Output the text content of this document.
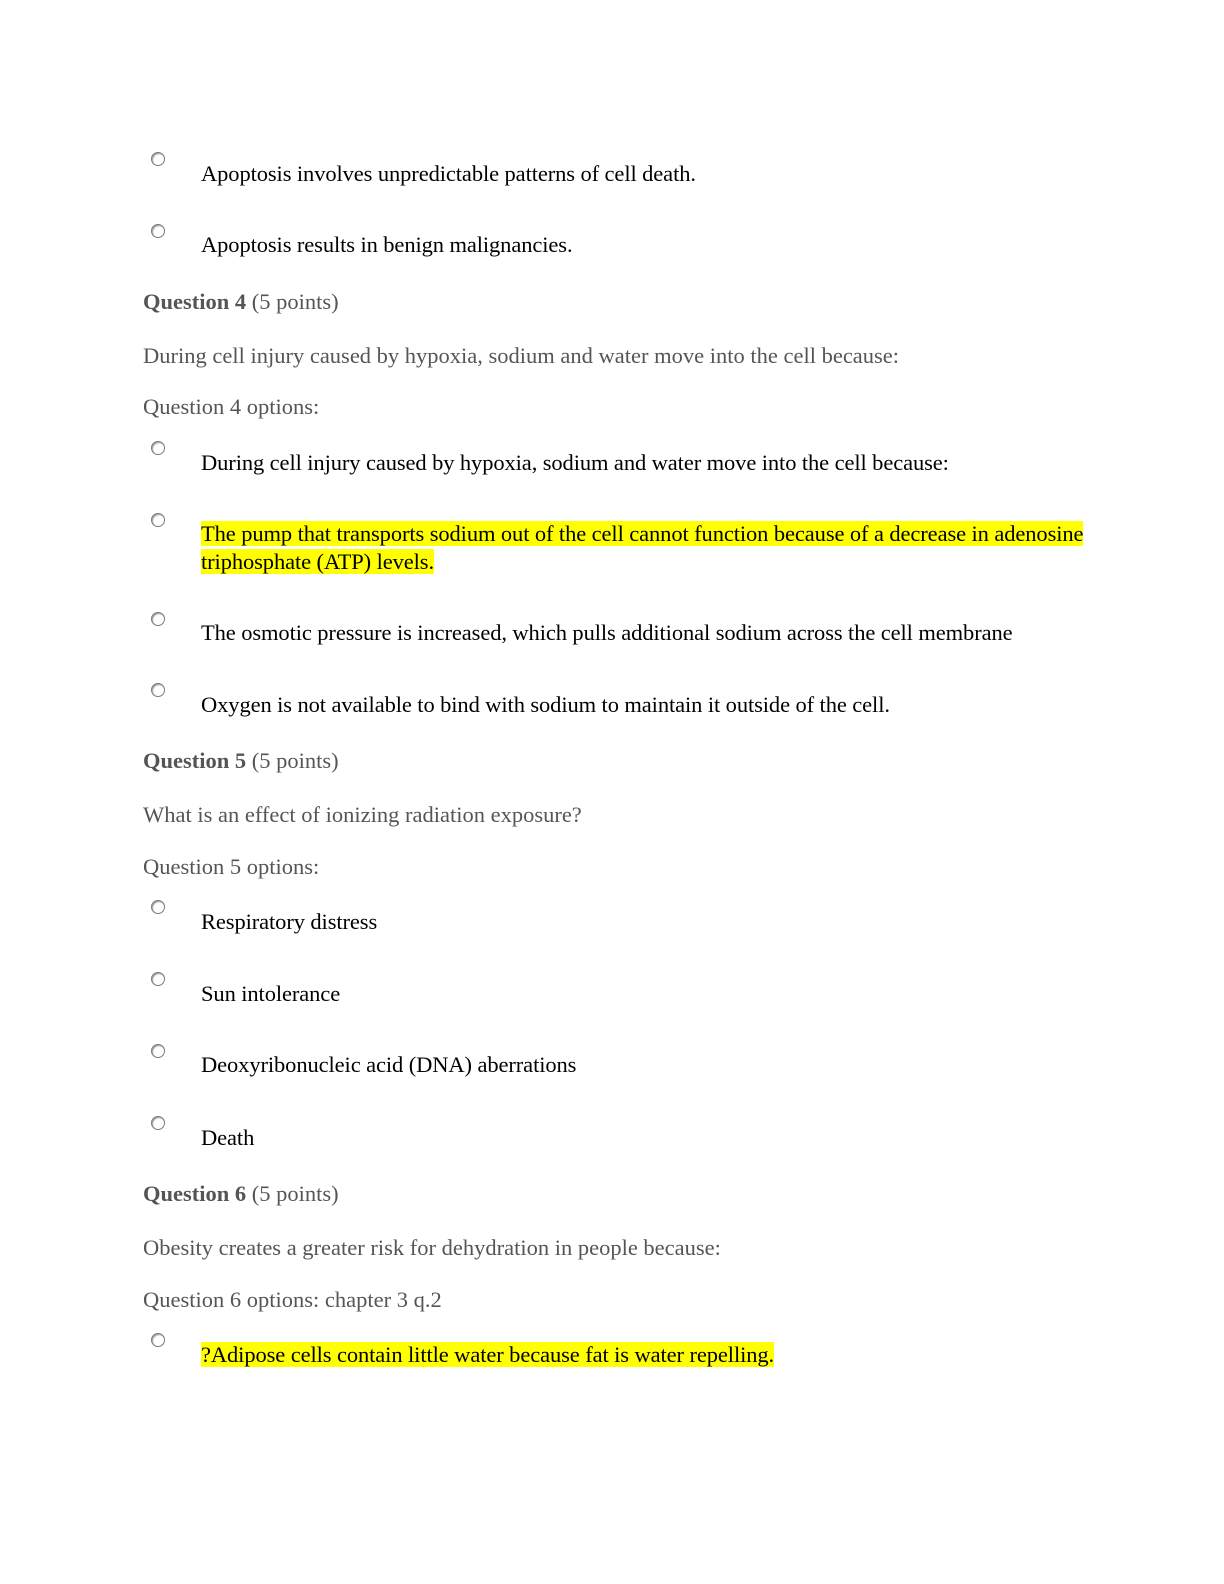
Apoptosis involves unpredictable patterns of cell death.
Apoptosis results in benign malignancies.
Question 4 (5 points)
During cell injury caused by hypoxia, sodium and water move into the cell because:
Question 4 options:
During cell injury caused by hypoxia, sodium and water move into the cell because:
The pump that transports sodium out of the cell cannot function because of a decrease in adenosine triphosphate (ATP) levels.
The osmotic pressure is increased, which pulls additional sodium across the cell membrane
Oxygen is not available to bind with sodium to maintain it outside of the cell.
Question 5 (5 points)
What is an effect of ionizing radiation exposure?
Question 5 options:
Respiratory distress
Sun intolerance
Deoxyribonucleic acid (DNA) aberrations
Death
Question 6 (5 points)
Obesity creates a greater risk for dehydration in people because:
Question 6 options: chapter 3 q.2
?Adipose cells contain little water because fat is water repelling.
